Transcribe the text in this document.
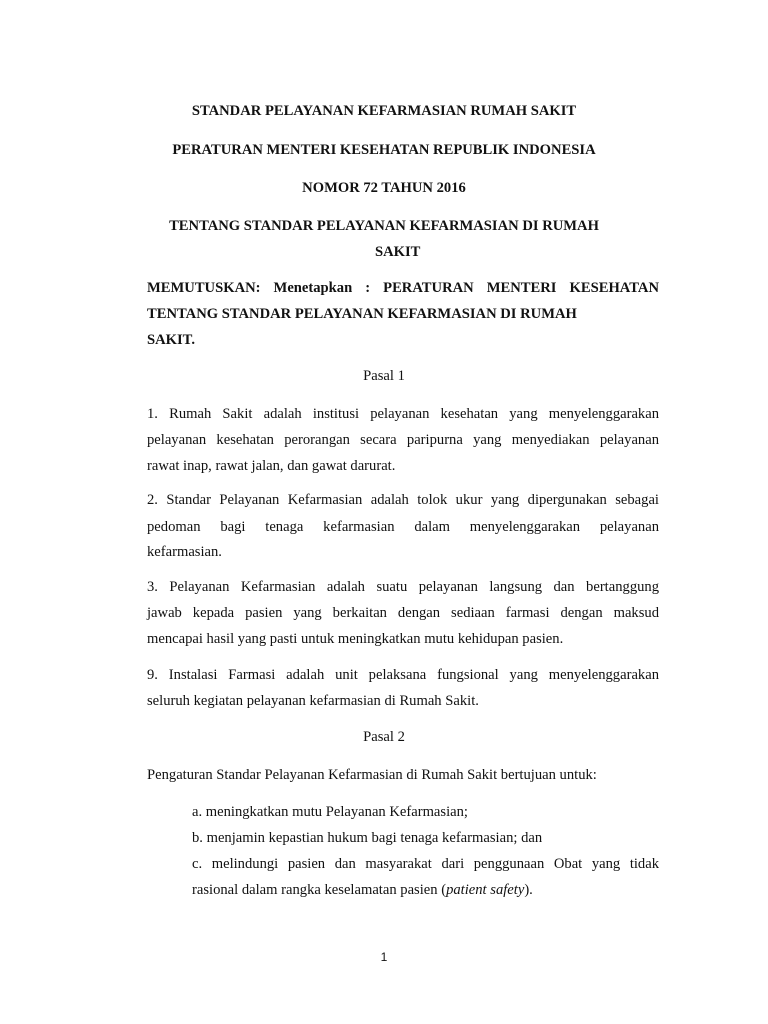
STANDAR PELAYANAN KEFARMASIAN RUMAH SAKIT
PERATURAN MENTERI KESEHATAN REPUBLIK INDONESIA
NOMOR 72 TAHUN 2016
TENTANG STANDAR PELAYANAN KEFARMASIAN DI RUMAH
SAKIT
MEMUTUSKAN: Menetapkan : PERATURAN MENTERI KESEHATAN
TENTANG STANDAR PELAYANAN KEFARMASIAN DI RUMAH
SAKIT.
Pasal 1
1. Rumah Sakit adalah institusi pelayanan kesehatan yang menyelenggarakan
pelayanan kesehatan perorangan secara paripurna yang menyediakan pelayanan
rawat inap, rawat jalan, dan gawat darurat.
2. Standar Pelayanan Kefarmasian adalah tolok ukur yang dipergunakan sebagai
pedoman bagi tenaga kefarmasian dalam menyelenggarakan pelayanan
kefarmasian.
3. Pelayanan Kefarmasian adalah suatu pelayanan langsung dan bertanggung
jawab kepada pasien yang berkaitan dengan sediaan farmasi dengan maksud
mencapai hasil yang pasti untuk meningkatkan mutu kehidupan pasien.
9. Instalasi Farmasi adalah unit pelaksana fungsional yang menyelenggarakan
seluruh kegiatan pelayanan kefarmasian di Rumah Sakit.
Pasal 2
Pengaturan Standar Pelayanan Kefarmasian di Rumah Sakit bertujuan untuk:
a. meningkatkan mutu Pelayanan Kefarmasian;
b. menjamin kepastian hukum bagi tenaga kefarmasian; dan
c. melindungi pasien dan masyarakat dari penggunaan Obat yang tidak
rasional dalam rangka keselamatan pasien (patient safety).
1
